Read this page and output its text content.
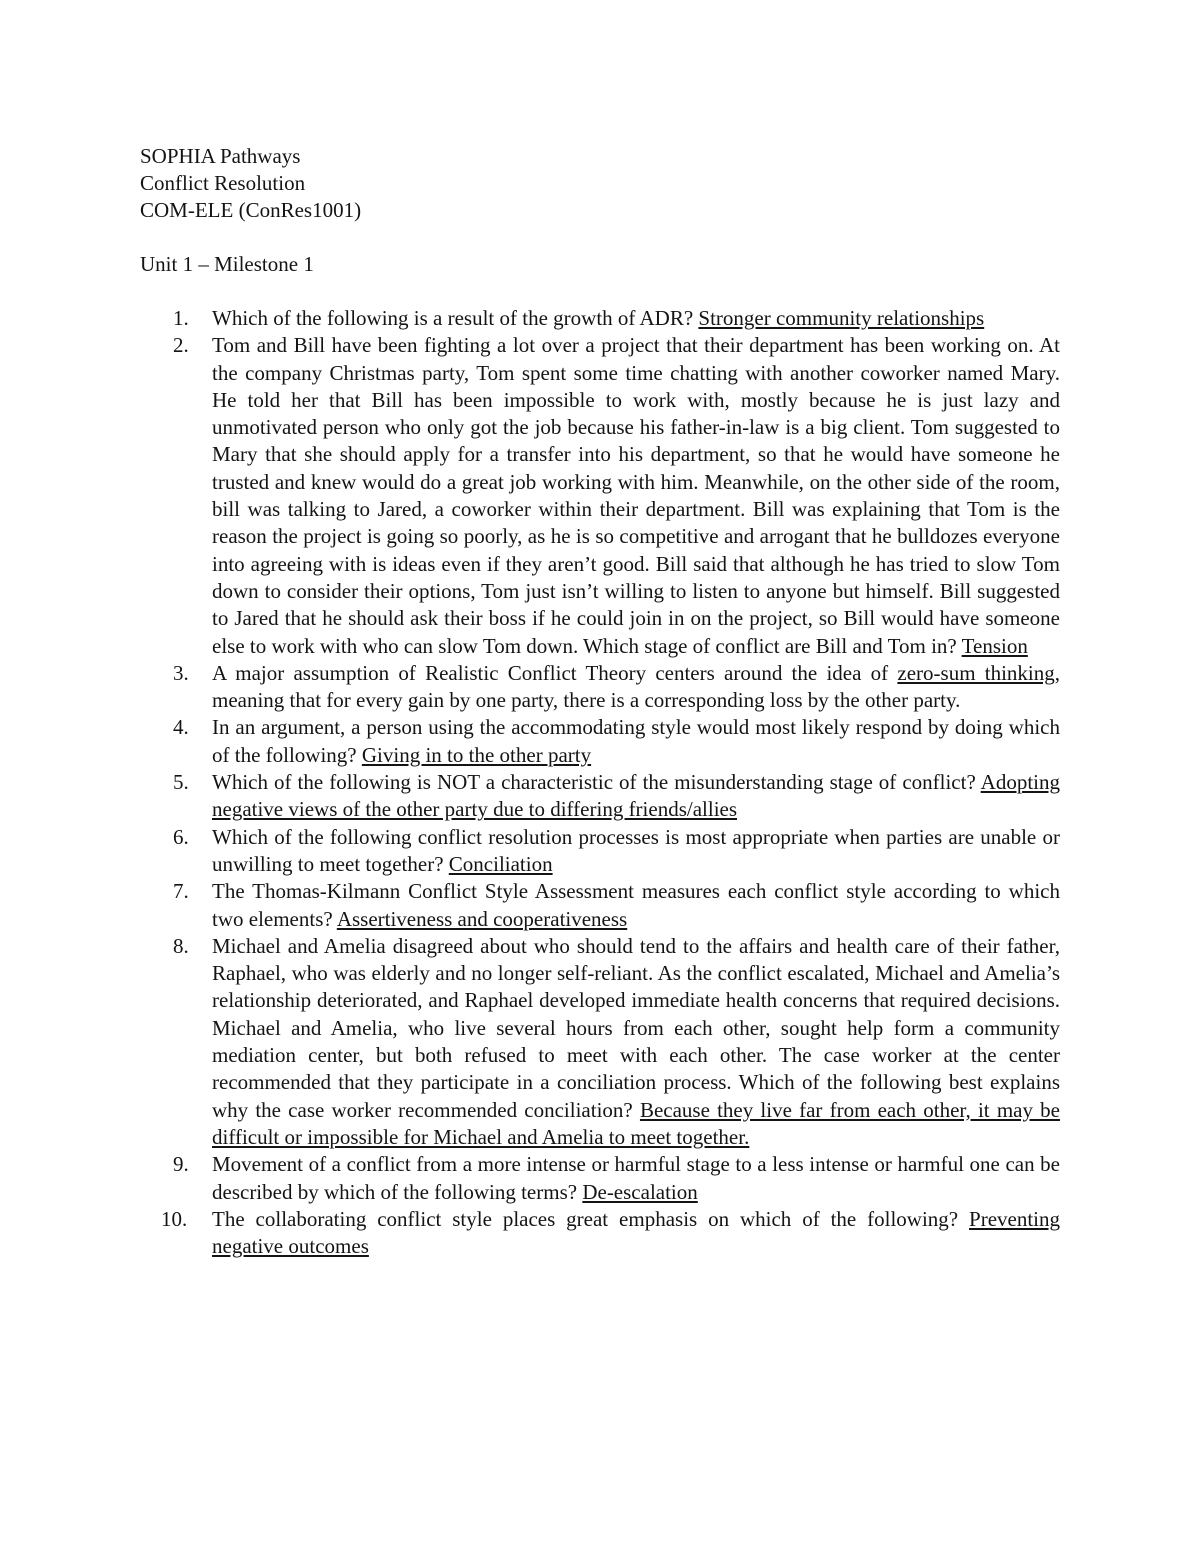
SOPHIA Pathways
Conflict Resolution
COM-ELE (ConRes1001)
Unit 1 – Milestone 1
1. Which of the following is a result of the growth of ADR? Stronger community relationships
2. Tom and Bill have been fighting a lot over a project that their department has been working on. At the company Christmas party, Tom spent some time chatting with another coworker named Mary. He told her that Bill has been impossible to work with, mostly because he is just lazy and unmotivated person who only got the job because his father-in-law is a big client. Tom suggested to Mary that she should apply for a transfer into his department, so that he would have someone he trusted and knew would do a great job working with him. Meanwhile, on the other side of the room, bill was talking to Jared, a coworker within their department. Bill was explaining that Tom is the reason the project is going so poorly, as he is so competitive and arrogant that he bulldozes everyone into agreeing with is ideas even if they aren’t good. Bill said that although he has tried to slow Tom down to consider their options, Tom just isn’t willing to listen to anyone but himself. Bill suggested to Jared that he should ask their boss if he could join in on the project, so Bill would have someone else to work with who can slow Tom down. Which stage of conflict are Bill and Tom in? Tension
3. A major assumption of Realistic Conflict Theory centers around the idea of zero-sum thinking, meaning that for every gain by one party, there is a corresponding loss by the other party.
4. In an argument, a person using the accommodating style would most likely respond by doing which of the following? Giving in to the other party
5. Which of the following is NOT a characteristic of the misunderstanding stage of conflict? Adopting negative views of the other party due to differing friends/allies
6. Which of the following conflict resolution processes is most appropriate when parties are unable or unwilling to meet together? Conciliation
7. The Thomas-Kilmann Conflict Style Assessment measures each conflict style according to which two elements? Assertiveness and cooperativeness
8. Michael and Amelia disagreed about who should tend to the affairs and health care of their father, Raphael, who was elderly and no longer self-reliant. As the conflict escalated, Michael and Amelia’s relationship deteriorated, and Raphael developed immediate health concerns that required decisions. Michael and Amelia, who live several hours from each other, sought help form a community mediation center, but both refused to meet with each other. The case worker at the center recommended that they participate in a conciliation process. Which of the following best explains why the case worker recommended conciliation? Because they live far from each other, it may be difficult or impossible for Michael and Amelia to meet together.
9. Movement of a conflict from a more intense or harmful stage to a less intense or harmful one can be described by which of the following terms? De-escalation
10. The collaborating conflict style places great emphasis on which of the following? Preventing negative outcomes
